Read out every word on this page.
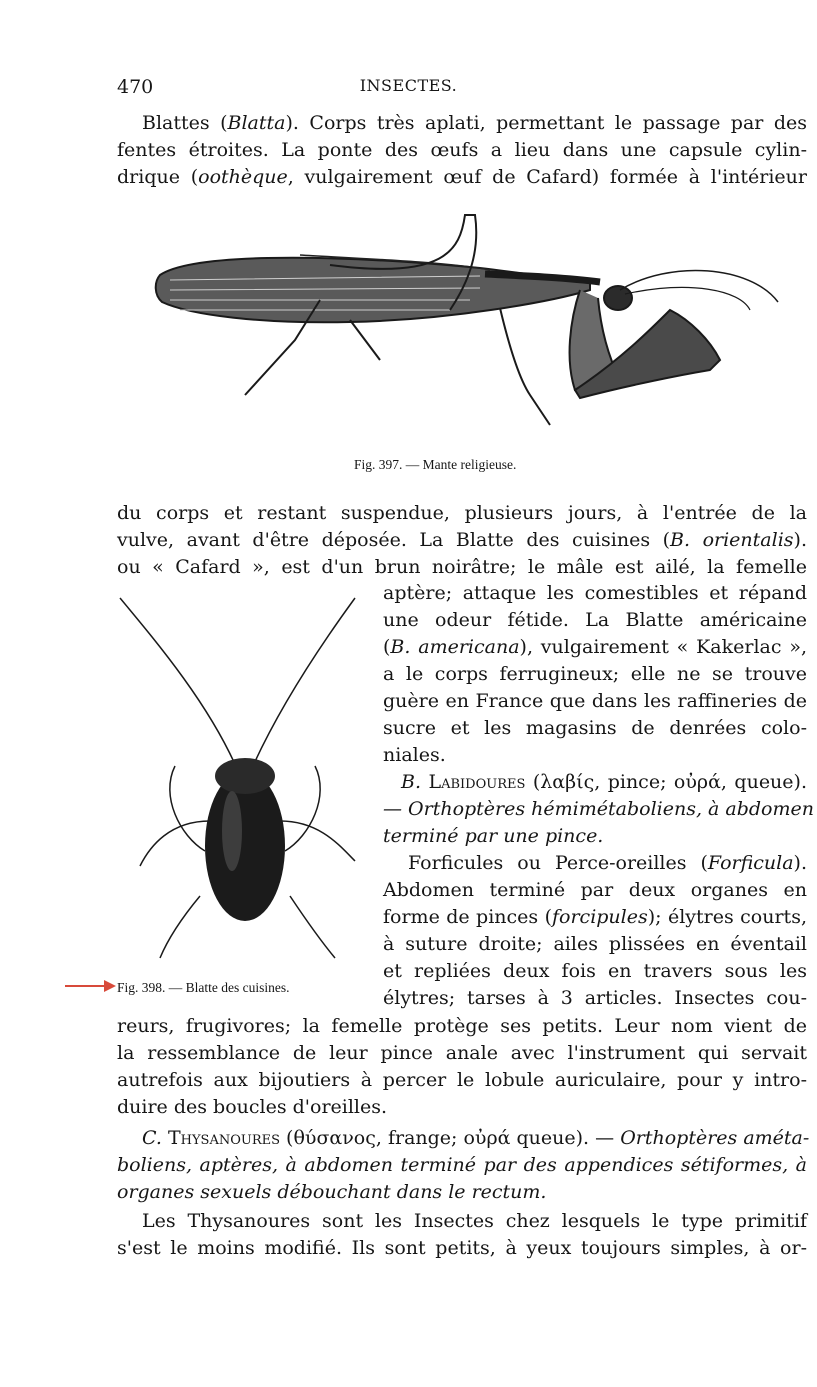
470	INSECTES.
Blattes (Blatta). Corps très aplati, permettant le passage par des
fentes étroites. La ponte des œufs a lieu dans une capsule cylin-
drique (oothèque, vulgairement œuf de Cafard) formée à l'intérieur
Fig. 397. — Mante religieuse.
du corps et restant suspendue, plusieurs jours, à l'entrée de la
vulve, avant d'être déposée. La Blatte des cuisines (B. orientalis).
ou « Cafard », est d'un brun noirâtre; le mâle est ailé, la femelle
Fig. 398. — Blatte des cuisines.
aptère; attaque les comestibles et répand
une odeur fétide. La Blatte américaine
(B. americana), vulgairement « Kakerlac »,
a le corps ferrugineux; elle ne se trouve
guère en France que dans les raffineries de
sucre et les magasins de denrées colo-
niales.
B. Labidoures (λαβίς, pince; οὐρά, queue).
— Orthoptères hémimétaboliens, à abdomen
terminé par une pince.
Forficules ou Perce-oreilles (Forficula).
Abdomen terminé par deux organes en
forme de pinces (forcipules); élytres courts,
à suture droite; ailes plissées en éventail
et repliées deux fois en travers sous les
élytres; tarses à 3 articles. Insectes cou-
reurs, frugivores; la femelle protège ses petits. Leur nom vient de
la ressemblance de leur pince anale avec l'instrument qui servait
autrefois aux bijoutiers à percer le lobule auriculaire, pour y intro-
duire des boucles d'oreilles.
C. Thysanoures (θύσανος, frange; οὐρά queue). — Orthoptères améta-
boliens, aptères, à abdomen terminé par des appendices sétiformes, à
organes sexuels débouchant dans le rectum.
Les Thysanoures sont les Insectes chez lesquels le type primitif
s'est le moins modifié. Ils sont petits, à yeux toujours simples, à or-
